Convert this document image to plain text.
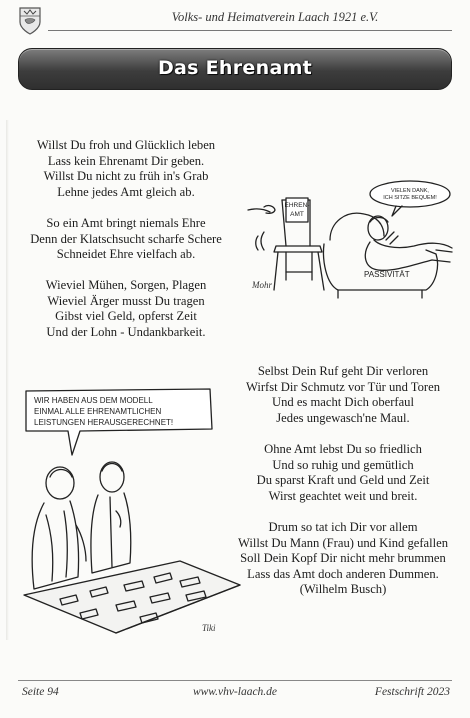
Volks- und Heimatverein Laach 1921 e.V.
Das Ehrenamt
Willst Du froh und Glücklich leben
Lass kein Ehrenamt Dir geben.
Willst Du nicht zu früh in's Grab
Lehne jedes Amt gleich ab.
So ein Amt bringt niemals Ehre
Denn der Klatschsucht scharfe Schere
Schneidet Ehre vielfach ab.
Wieviel Mühen, Sorgen, Plagen
Wieviel Ärger musst Du tragen
Gibst viel Geld, opferst Zeit
Und der Lohn - Undankbarkeit.
Selbst Dein Ruf geht Dir verloren
Wirfst Dir Schmutz vor Tür und Toren
Und es macht Dich oberfaul
Jedes ungewasch'ne Maul.
Ohne Amt lebst Du so friedlich
Und so ruhig und gemütlich
Du sparst Kraft und Geld und Zeit
Wirst geachtet weit und breit.
Drum so tat ich Dir vor allem
Willst Du Mann (Frau) und Kind gefallen
Soll Dein Kopf Dir nicht mehr brummen
Lass das Amt doch anderen Dummen.
(Wilhelm Busch)
EHREN-
AMT
VIELEN DANK,
ICH SITZE BEQUEM!
PASSIVITÄT
Mohr
WIR HABEN AUS DEM MODELL
EINMAL ALLE EHRENAMTLICHEN
LEISTUNGEN HERAUSGERECHNET!
Tiki
Seite 94	www.vhv-laach.de	Festschrift 2023
